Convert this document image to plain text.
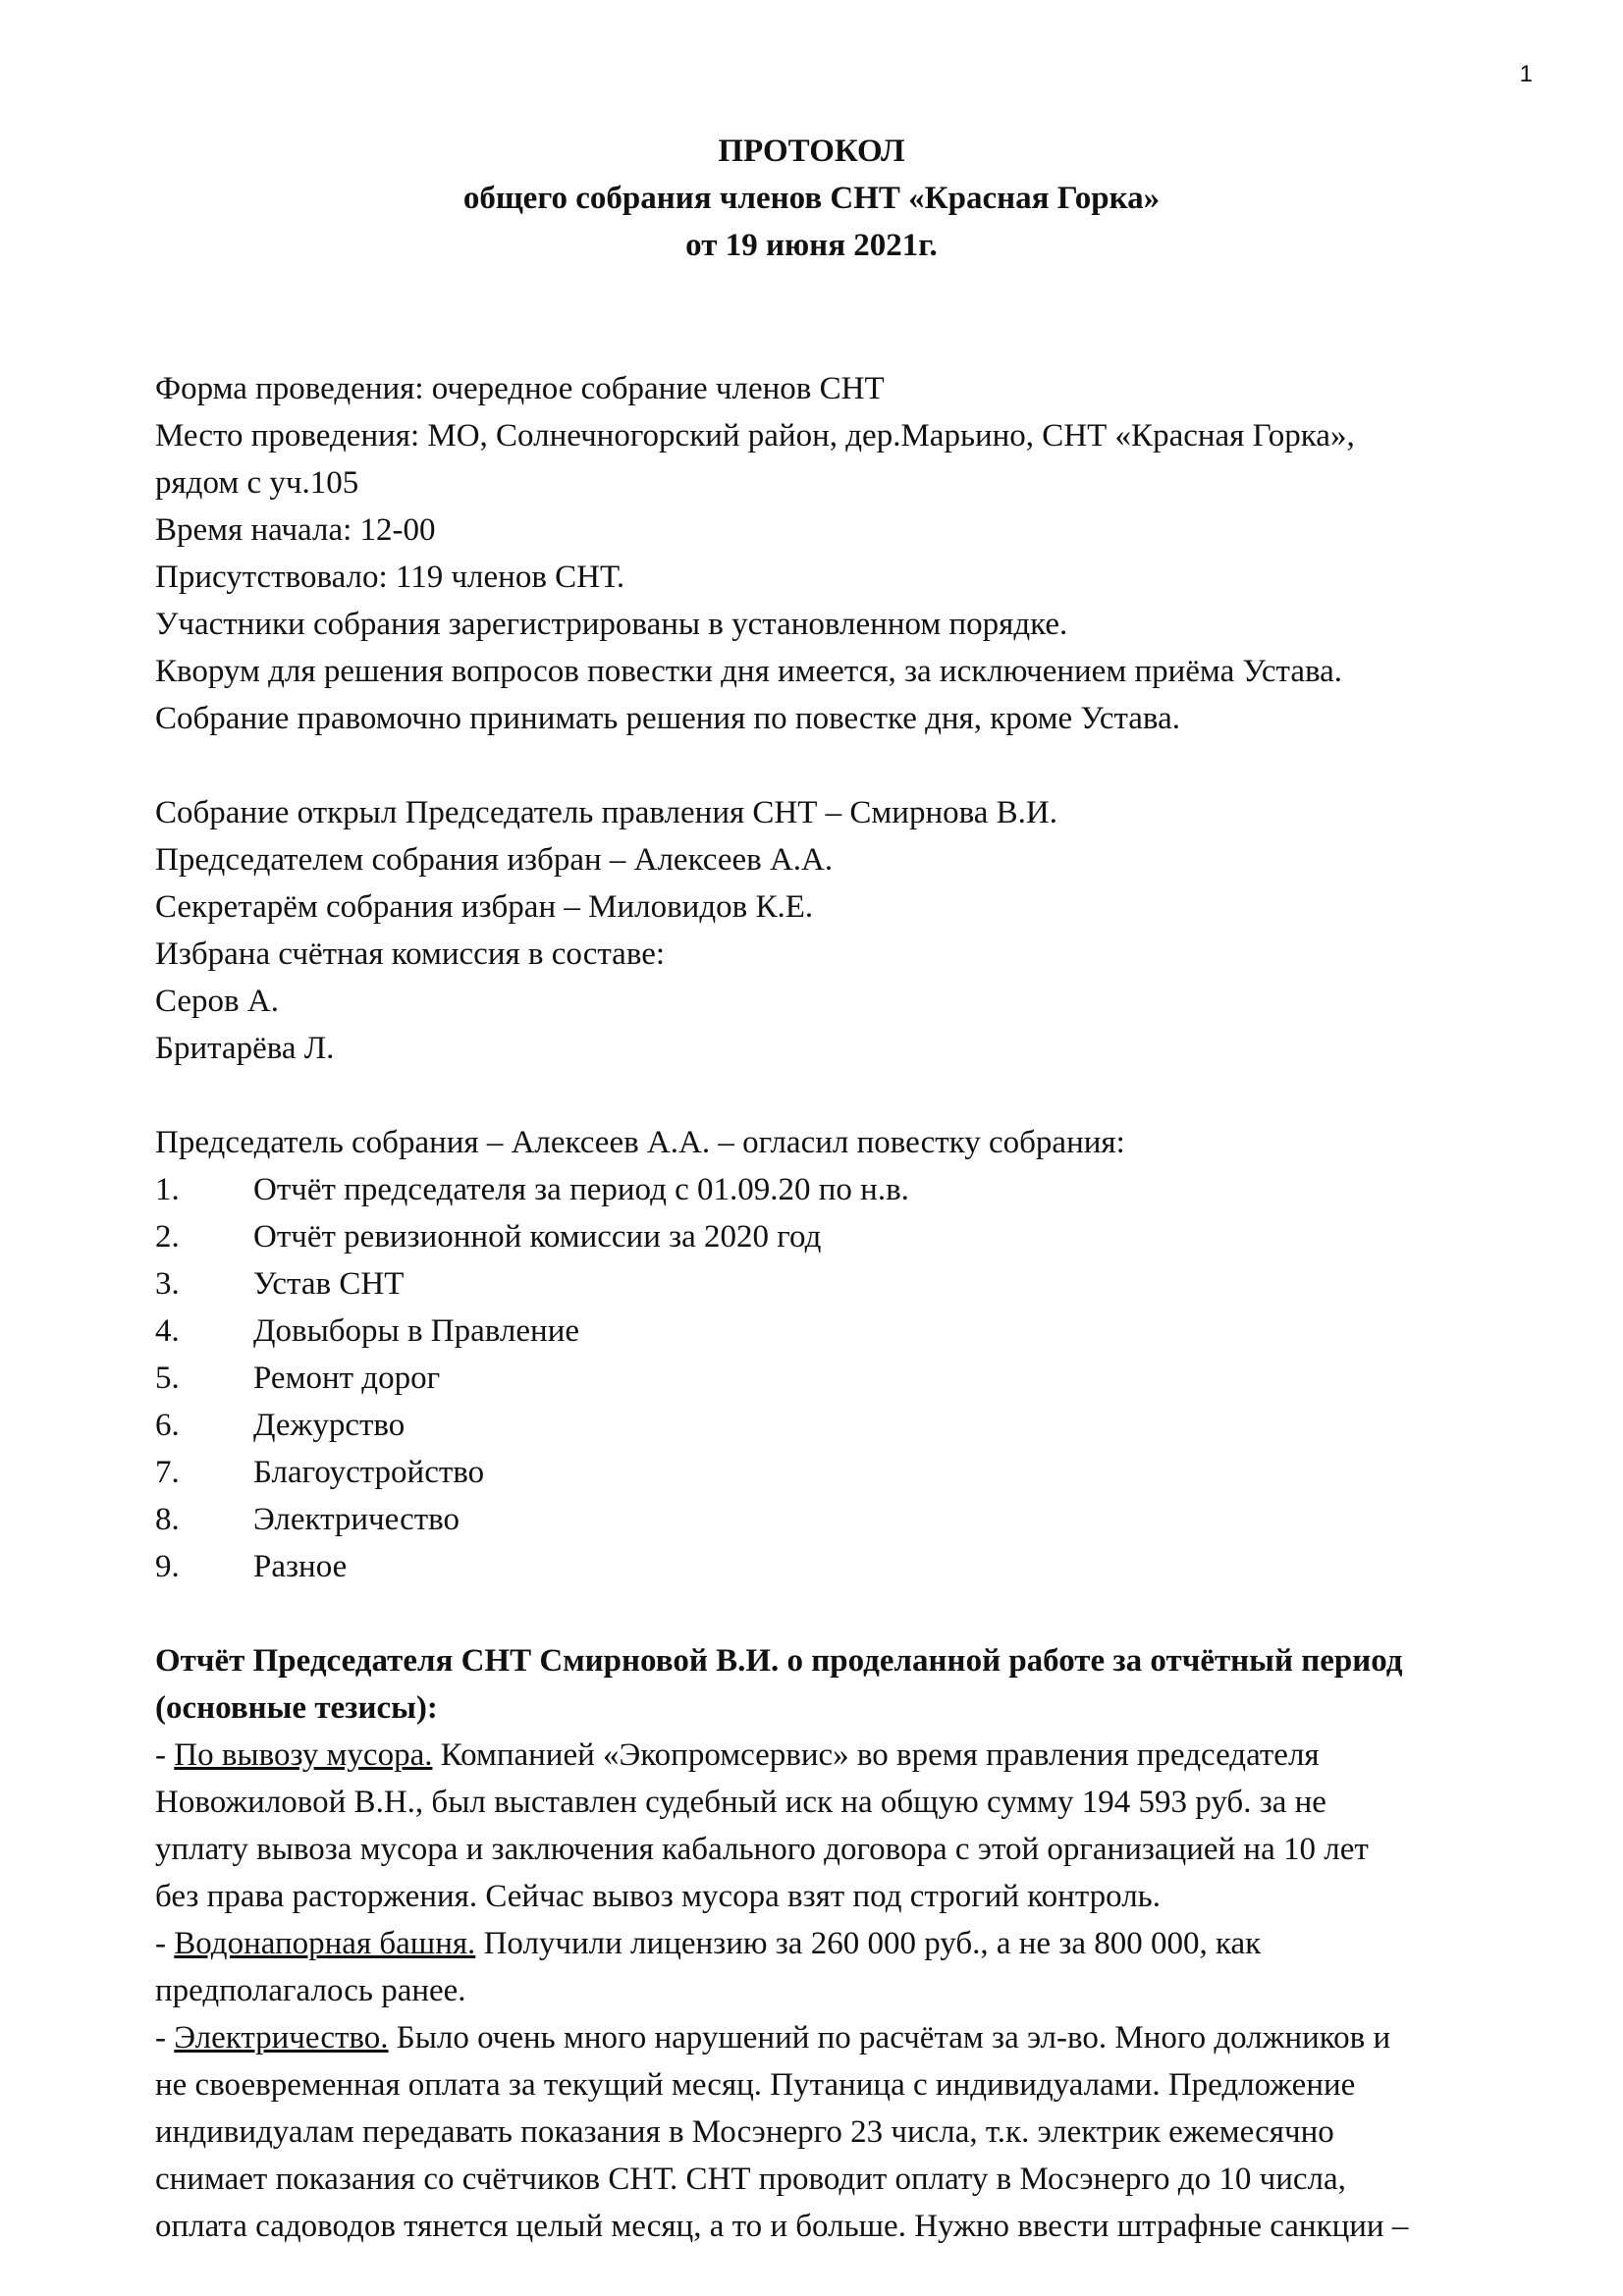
1
ПРОТОКОЛ
общего собрания членов СНТ «Красная Горка»
от 19 июня 2021г.
Форма проведения: очередное собрание членов СНТ
Место проведения: МО, Солнечногорский район, дер.Марьино, СНТ «Красная Горка»,
рядом с уч.105
Время начала: 12-00
Присутствовало: 119 членов СНТ.
Участники собрания зарегистрированы в установленном порядке.
Кворум для решения вопросов повестки дня имеется, за исключением приёма Устава.
Собрание правомочно принимать решения по повестке дня, кроме Устава.
Собрание открыл Председатель правления СНТ – Смирнова В.И.
Председателем собрания избран – Алексеев А.А.
Секретарём собрания избран – Миловидов К.Е.
Избрана счётная комиссия в составе:
Серов А.
Бритарёва Л.
Председатель собрания – Алексеев А.А. – огласил повестку собрания:
1.	Отчёт председателя за период с 01.09.20 по н.в.
2.	Отчёт ревизионной комиссии за 2020 год
3.	Устав СНТ
4.	Довыборы в Правление
5.	Ремонт дорог
6.	Дежурство
7.	Благоустройство
8.	Электричество
9.	Разное
Отчёт Председателя СНТ Смирновой В.И. о проделанной работе за отчётный период
(основные тезисы):
- По вывозу мусора. Компанией «Экопромсервис» во время правления председателя
Новожиловой В.Н., был выставлен судебный иск на общую сумму 194 593 руб. за не
уплату вывоза мусора и заключения кабального договора с этой организацией на 10 лет
без права расторжения. Сейчас вывоз мусора взят под строгий контроль.
- Водонапорная башня. Получили лицензию за 260 000 руб., а не за 800 000, как
предполагалось ранее.
- Электричество. Было очень много нарушений по расчётам за эл-во. Много должников и
не своевременная оплата за текущий месяц. Путаница с индивидуалами. Предложение
индивидуалам передавать показания в Мосэнерго 23 числа, т.к. электрик ежемесячно
снимает показания со счётчиков СНТ. СНТ проводит оплату в Мосэнерго до 10 числа,
оплата садоводов тянется целый месяц, а то и больше. Нужно ввести штрафные санкции –
